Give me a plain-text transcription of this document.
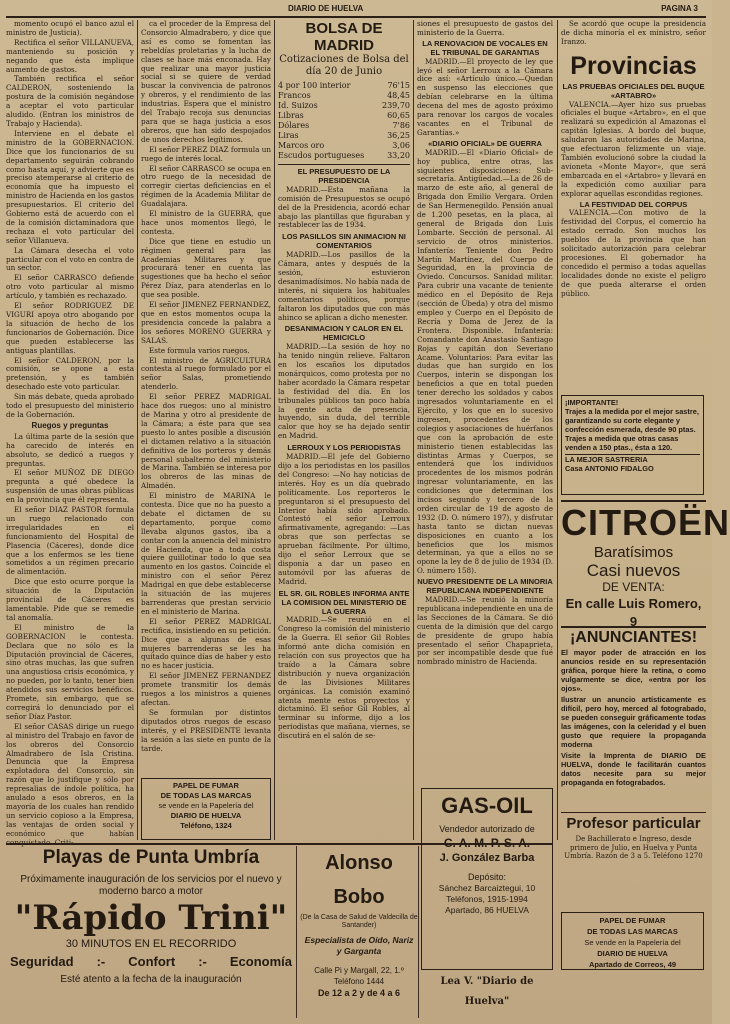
DIARIO DE HUELVA	PAGINA 3

momento ocupó el banco azul el ministro de Justicia).

Rectifica el señor VILLANUEVA, manteniendo su posición y negando que ésta implique aumento de gastos.

También rectifica el señor CALDERON, sosteniendo la postura de la comisión negándose a aceptar el voto particular aludido. (Entran los ministros de Trabajo y Hacienda).

Interviene en el debate el ministro de la GOBERNACION. Dice que los funcionarios de su departamento seguirán cobrando como hasta aquí, y advierte que es preciso atemperarse al criterio de economía que ha impuesto el ministro de Hacienda en los gastos presupuestarios. El criterio del Gobierno está de acuerdo con el de la comisión dictaminadora que rechaza el voto particular del señor Villanueva.

La Cámara desecha el voto particular con el voto en contra de un sector.

El señor CARRASCO defiende otro voto particular al mismo artículo, y también es rechazado.

El señor RODRIGUEZ DE VIGURI apoya otro abogando por la situación de hecho de los funcionarios de Gobernación. Dice que pueden establecerse las antiguas plantillas.

El señor CALDERON, por la comisión, se opone a esta pretensión, y es también desechado este voto particular.

Sin más debate, queda aprobado todo el presupuesto del ministerio de la Gobernación.

Ruegos y preguntas

La última parte de la sesión que ha carecido de interés en absoluto, se dedicó a ruegos y preguntas.

El señor MUÑOZ DE DIEGO pregunta a qué obedece la suspensión de unas obras públicas en la provincia que él representa.

El señor DIAZ PASTOR formula un ruego relacionado con irregularidades en el funcionamiento del Hospital de Plasencia (Cáceres), donde dice que a los enfermos se les tiene sometidos a un régimen precario de alimentación.

Dice que esto ocurre porque la situación de la Diputación provincial de Cáceres es lamentable. Pide que se remedie tal anomalía.

El ministro de la GOBERNACION le contesta. Declara que no sólo es la Diputación provincial de Cáceres, sino otras muchas, las que sufren una angustiosa crisis económica, y no pueden, por lo tanto, tener bien atendidos sus servicios benéficos. Promete, sin embargo, que se corregirá lo denunciado por el señor Díaz Pastor.

El señor CASAS dirige un ruego al ministro del Trabajo en favor de los obreros del Consorcio Almadrabero de Isla Cristina. Denuncia que la Empresa explotadora del Consorcio, sin razón que lo justifique y sólo por represalias de índole política, ha anulado a esos obreros, en la mayoría de los cuales han rendido un servicio copioso a la Empresa, las ventajas de orden social y económico que habían

ca el proceder de la Empresa del Consorcio Almadrabero, y dice que así es como se fomentan las rebeldías proletarias y la lucha de clases se hace más enconada. Hay que realizar una mayor justicia social si se quiere de verdad buscar la convivencia de patronos y obreros, y el rendimiento de las industrias. Espera que el ministro del Trabajo recoja sus denuncias para que se haga justicia a esos obreros, que han sido despojados de unos derechos legítimos.

El señor PEREZ DIAZ formula un ruego de interés local.

El señor CARRASCO se ocupa en otro ruego de la necesidad de corregir ciertas deficiencias en el régimen de la Academia Militar de Guadalajara.

El ministro de la GUERRA, que hace unos momentos llegó, le contesta.

Dice que tiene en estudio un régimen general para las Academias Militares y que procurará tener en cuenta las sugestiones que ha hecho el señor Pérez Díaz, para atenderlas en lo que sea posible.

El señor JIMENEZ FERNANDEZ, que en estos momentos ocupa la presidencia concede la palabra a los señores MORENO GUERRA y SALAS.

Este formula varios ruegos.

El ministro de AGRICULTURA contesta al ruego formulado por el señor Salas, prometiendo atenderlo.

El señor PEREZ MADRIGAL hace dos ruegos: uno al ministro de Marina y otro al presidente de la Cámara; a éste para que sea puesto lo antes posible a discusión el dictamen relativo a la situación definitiva de los porteros y demás personal subalterno del ministerio de Marina. También se interesa por los obreros de las minas de Almadén.

El ministro de MARINA le contesta. Dice que no ha puesto a debate el dictamen de su departamento, porque como llevaba algunos gastos, iba a contar con la anuencia del ministro de Hacienda, que a toda costa quiere guillotinar todo lo que sea aumento en los gastos. Coincide el ministro con el señor Pérez Madrigal en que debe establecerse la situación de las mujeres barrenderas que prestan servicio en el ministerio de Marina.

El señor PEREZ MADRIGAL rectifica, insistiendo en su petición. Dice que a algunas de esas mujeres barrenderas se les ha quitado quince días de haber y esto no es hacer justicia.

El señor JIMENEZ FERNANDEZ promete transmitir los demás ruegos a los ministros a quienes afectan.

Se formulan por distintos diputados otros ruegos de escaso interés, y el PRESIDENTE levanta la sesión a las siete en punto de la tarde.

PAPEL DE FUMAR
DE TODAS LAS MARCAS
se vende en la Papelería del
DIARIO DE HUELVA
Teléfono, 1324
BOLSA DE MADRID
Cotizaciones de Bolsa del día 20 de Junio
4 por 100 interior	76'15
Francos	48,45
Id. Suizos	239,70
Libras	60,65
Dólares	7'86
Liras	36,25
Marcos oro	3,06
Escudos portugueses	33,20
EL PRESUPUESTO DE LA PRESIDENCIA

MADRID.—Esta mañana la comisión de Presupuestos se ocupó del de la Presidencia, acordó echar abajo las plantillas que figuraban y restablecer las de 1934.

LOS PASILLOS SIN ANIMACION NI COMENTARIOS

MADRID.—Los pasillos de la Cámara, antes y después de la sesión, estuvieron desanimadísimos. No había nada de interés, ni siquiera los habituales comentarios políticos, porque faltaron los diputados que con más ahinco se aplican a dicho menester.

DESANIMACION Y CALOR EN EL HEMICICLO

MADRID.—La sesión de hoy no ha tenido ningún relieve. Faltaron en los escaños los diputados monárquicos, como protesta por no haber acordado la Cámara respetar la festividad del día. En los tribunales públicos tan poco había la gente acta de presencia, huyendo, sin duda, del terrible calor que hoy se ha dejado sentir en Madrid.

LERROUX Y LOS PERIODISTAS

MADRID.—El jefe del Gobierno dijo a los periodistas en los pasillos del Congreso: —No hay noticias de interés. Hoy es un día quebrado políticamente. Los reporteros le preguntaron si el presupuesto del Interior había sido aprobado. Contestó el señor Lerroux afirmativamente, agregando: —Las obras que son perfectas se aprueban fácilmente. Por último, dijo el señor Lerroux que se disponía a dar un paseo en automóvil por las afueras de Madrid.

EL SR. GIL ROBLES INFORMA ANTE LA COMISION DEL MINISTERIO DE LA GUERRA

MADRID.—Se reunió en el Congreso la comisión del ministerio de la Guerra. El señor Gil Robles informó ante dicha comisión en relación con sus proyectos que ha traído a la Cámara sobre distribución y nueva organización de las Divisiones Militares orgánicas. La comisión examinó atenta mente estos proyectos y dictaminó. El señor Gil Robles, al terminar su informe, dijo a los periodistas que mañana, viernes, se discutirá en el salón de se-

siones el presupuesto de gastos del ministerio de la Guerra.

LA RENOVACION DE VOCALES EN EL TRIBUNAL DE GARANTIAS

MADRID.—El proyecto de ley que leyó el señor Lerroux a la Cámara dice así: «Artículo único.—Quedan en suspenso las elecciones que debían celebrarse en la última decena del mes de agosto próximo para renovar los cargos de vocales vacantes en el Tribunal de Garantías.»

«DIARIO OFICIAL» DE GUERRA

MADRID.—El «Diario Oficial» de hoy publica, entre otras, las siguientes disposiciones: Sub-secretaría. Antigüedad.—La de 26 de marzo de este año, al general de Brigada don Emilio Vergara. Orden de San Hermenegildo. Pensión anual de 1.200 pesetas, en la placa, al general de Brigada don Luis Lombarte. Sección de personal. Al servicio de otros ministerios. Infantería: Teniente don Pedro Martín Martínez, del Cuerpo de Seguridad, en la provincia de Oviedo. Concursos. Sanidad militar. Para cubrir una vacante de teniente médico en el Depósito de Reja (sección de Úbeda) y otra del mismo empleo y Cuerpo en el Depósito de Recría y Doma de Jerez de la Frontera. Disponible. Infantería: Comandante don Anastasio Santiago Rojas y capitán don Severiano Acame. Voluntarios: Para evitar las dudas que han surgido en los Cuerpos, interin se dispongan los beneficios a que en total pueden tener derecho los soldados y cabos ingresados voluntariamente en el Ejército, y los que en lo sucesivo ingresen, procedentes de los colegios y asociaciones de huérfanos que con la aprobación de este ministerio tienen establecidas las distintas Armas y Cuerpos, se entenderá que los individuos procedentes de los mismos podrán ingresar voluntariamente, en las condiciones que determinan los incisos segundo y tercero de la orden circular de 19 de agosto de 1932 (D. O. número 197), y disfrutar hasta tanto se dictan nuevas disposiciones en cuanto a los beneficios que los mismos determinan, ya que a ellos no se opone la ley de 8 de julio de 1934 (D. O. número 158).

NUEVO PRESIDENTE DE LA MINORIA REPUBLICANA INDEPENDIENTE

MADRID.—Se reunió la minoría republicana independiente en una de las Secciones de la Cámara. Se dió cuenta de la dimisión que del cargo de presidente de grupo había presentado el señor Chapaprieta, por ser incompatible desde que fué nombrado ministro de Hacienda.

Se acordó que ocupe la presidencia de dicha minoría el ex ministro, señor Iranzo.

Provincias
LAS PRUEBAS OFICIALES DEL BUQUE «ARTABRO»

VALENCIA.—Ayer hizo sus pruebas oficiales el buque «Artabro», en el que realizará su expedición al Amazonas el capitán Iglesias. A bordo del buque, saludaron las autoridades de Marina, que efectuaron felizmente un viaje. También evolucionó sobre la ciudad la avioneta «Monte Mayor», que será embarcada en el «Artabro» y llevará en la expedición como auxiliar para explorar aquellas escondidas regiones.

LA FESTIVIDAD DEL CORPUS

VALENCIA.—Con motivo de la festividad del Corpus, el comercio ha estado cerrado. Son muchos los pueblos de la provincia que han solicitado autorización para celebrar procesiones. El gobernador ha concedido el permiso a todas aquellas localidades donde no existe el peligro de que pueda alterarse el orden público.

¡IMPORTANTE!
Trajes a la medida por el mejor sastre, garantizando su corte elegante y confección esmerada, desde 90 ptas.
Trajes a medida que otras casas venden a 150 ptas., ésta a 120.
LA MEJOR SASTRERIA
Casa ANTONIO FIDALGO
CITROËN
Baratísimos
Casi nuevos
DE VENTA:
En calle Luis Romero, 9
¡ANUNCIANTES!
El mayor poder de atracción en los anuncios reside en su representación gráfica, porque hiere la retina, o como vulgarmente se dice, «entra por los ojos».
Ilustrar un anuncio artísticamente es difícil, pero hoy, merced al fotograbado, se pueden conseguir gráficamente todas las imágenes, con la celeridad y el buen gusto que requiere la propaganda moderna
Visite la Imprenta de DIARIO DE HUELVA, donde le facilitarán cuantos datos necesite para su mejor propaganda en fotograbados.
Profesor particular
De Bachillerato e Ingreso, desde primero de Julio, en Huelva y Punta Umbría. Razón de 3 a 5. Teléfono 1270
PAPEL DE FUMAR
DE TODAS LAS MARCAS
Se vende en la Papelería del
DIARIO DE HUELVA
Apartado de Correos, 49
Playas de Punta Umbría
Próximamente inauguración de los servicios por el nuevo y moderno barco a motor
"Rápido Trini"
30 MINUTOS EN EL RECORRIDO
Seguridad :- Confort :- Economía
Esté atento a la fecha de la inauguración
Alonso Bobo
(De la Casa de Salud de Valdecilla de Santander)
Especialista de Oído, Nariz
y Garganta
Calle Pi y Margall, 22, 1.º
Teléfono 1444
De 12 a 2 y de 4 a 6
GAS-OIL
Vendedor autorizado de
C. A. M. P. S. A.
J. González Barba
Depósito:
Sánchez Barcaiztegui, 10
Teléfonos, 1915-1994
Apartado, 86 HUELVA
Lea V. "Diario de Huelva"
